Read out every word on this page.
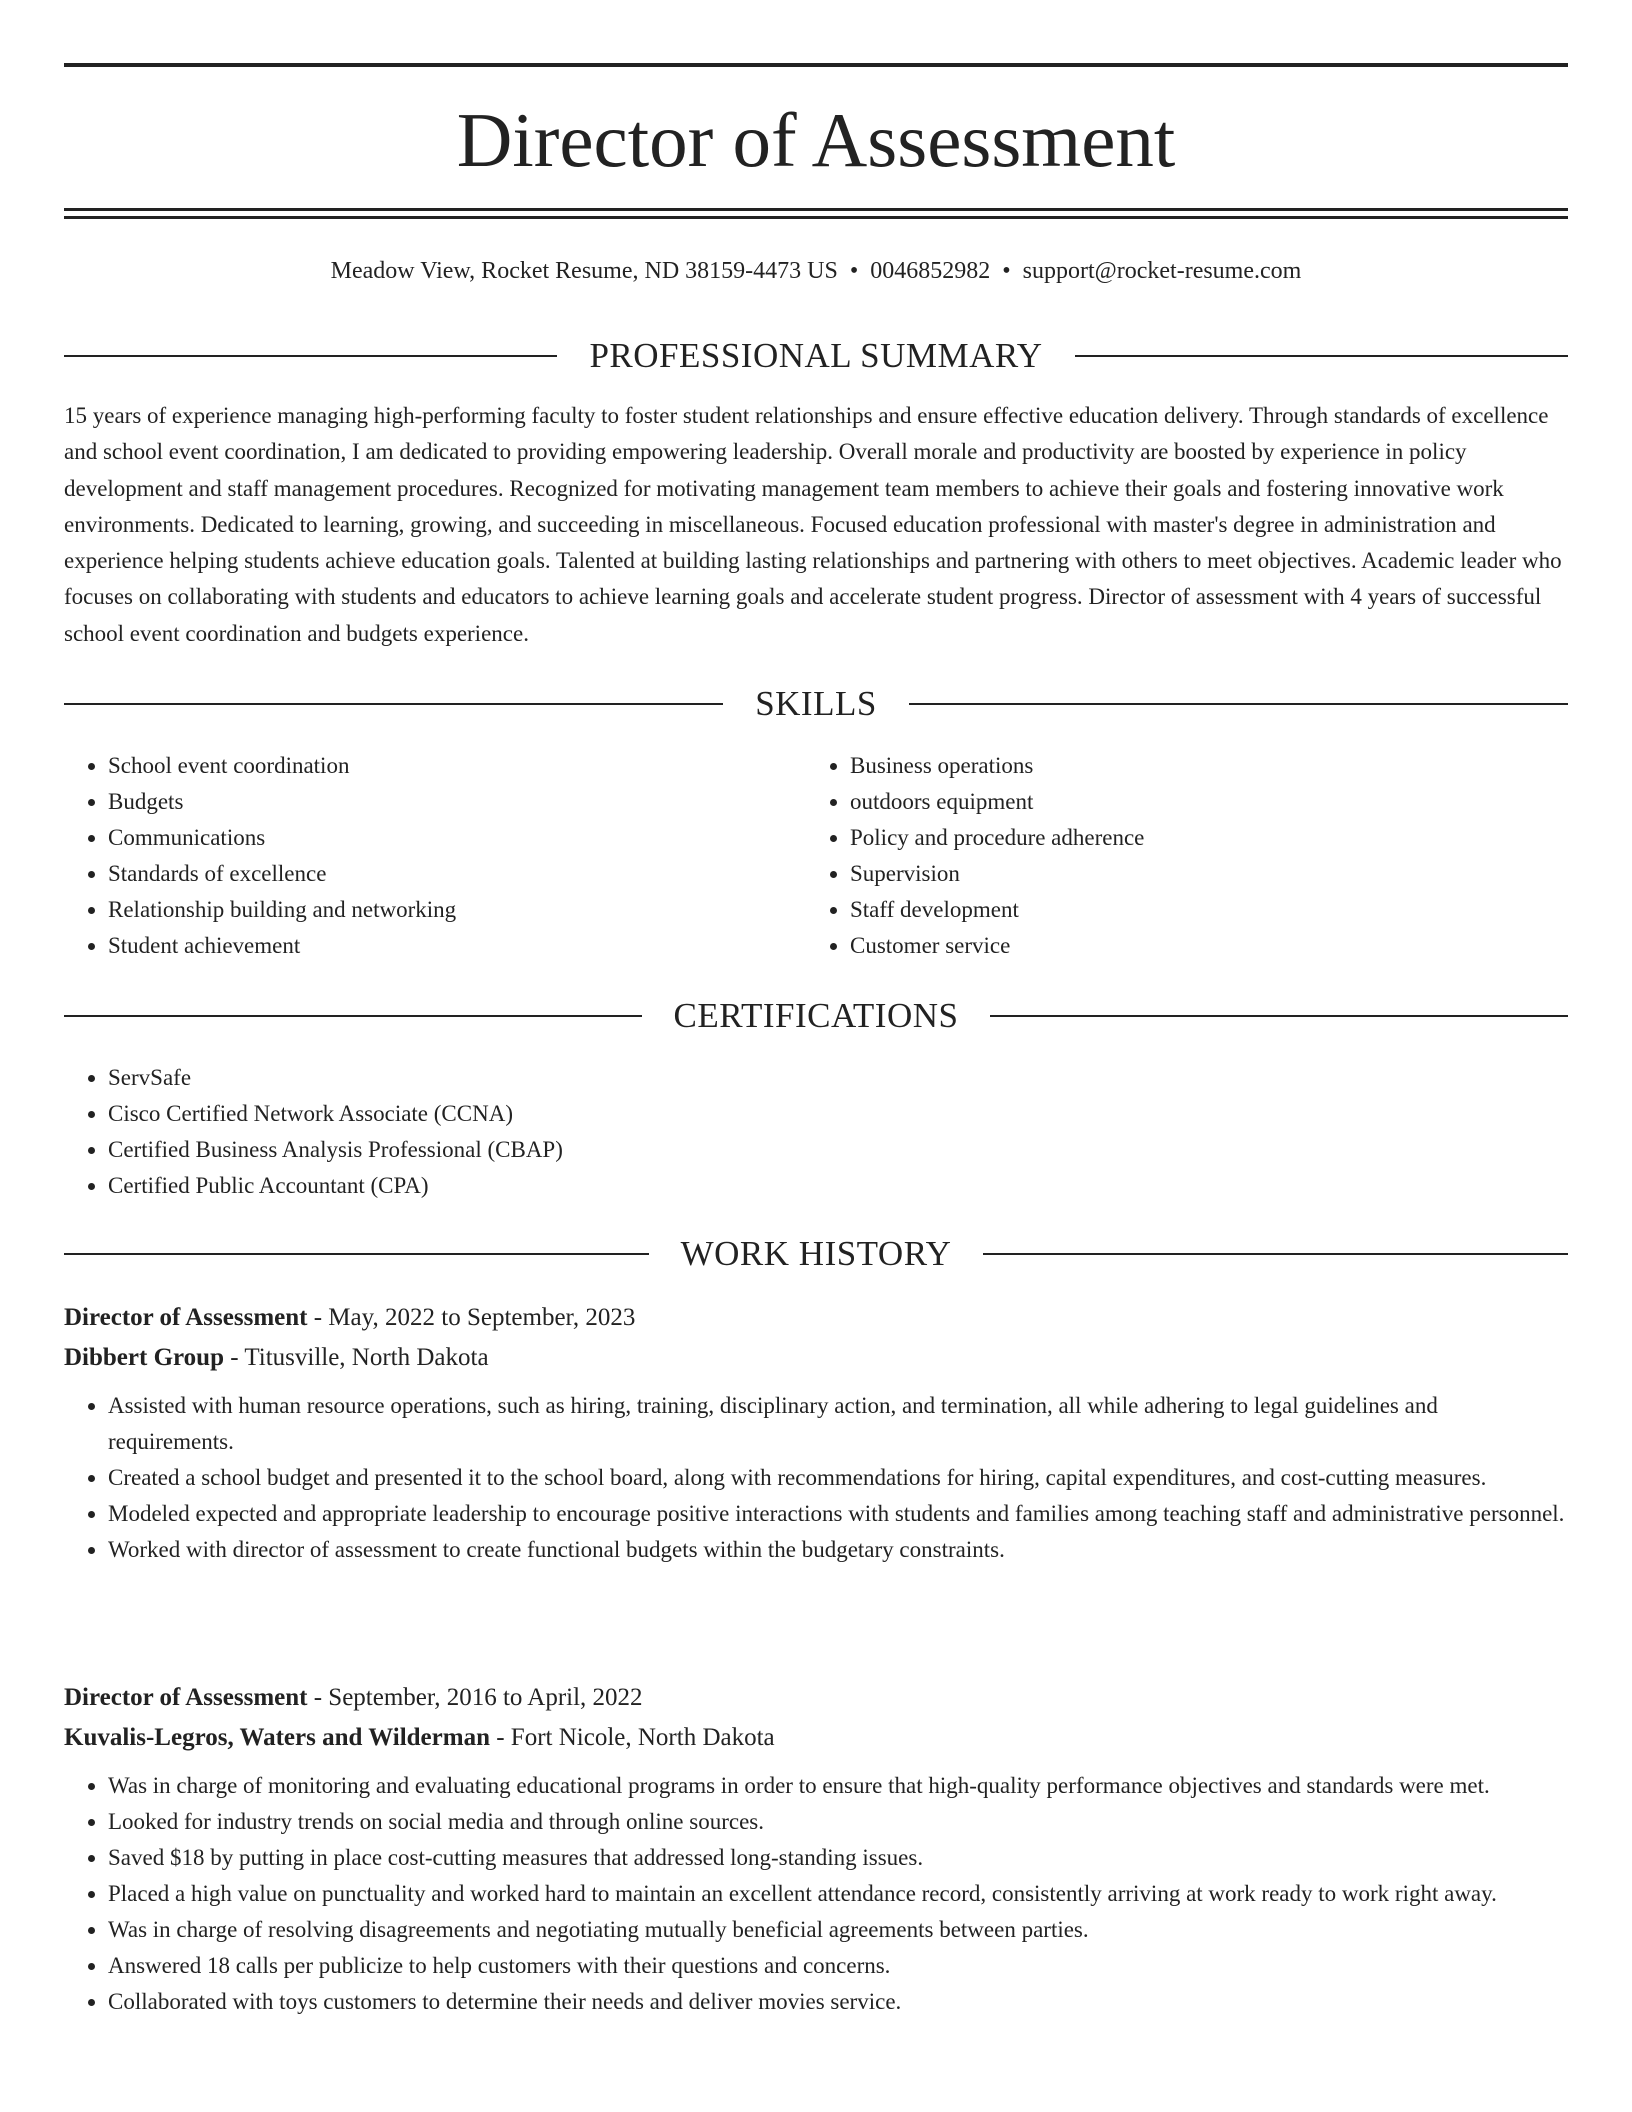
Director of Assessment
Meadow View, Rocket Resume, ND 38159-4473 US • 0046852982 • support@rocket-resume.com
PROFESSIONAL SUMMARY

15 years of experience managing high-performing faculty to foster student relationships and ensure effective education delivery. Through standards of excellence and school event coordination, I am dedicated to providing empowering leadership. Overall morale and productivity are boosted by experience in policy development and staff management procedures. Recognized for motivating management team members to achieve their goals and fostering innovative work environments. Dedicated to learning, growing, and succeeding in miscellaneous. Focused education professional with master's degree in administration and experience helping students achieve education goals. Talented at building lasting relationships and partnering with others to meet objectives. Academic leader who focuses on collaborating with students and educators to achieve learning goals and accelerate student progress. Director of assessment with 4 years of successful school event coordination and budgets experience.

SKILLS
• School event coordination
• Budgets
• Communications
• Standards of excellence
• Relationship building and networking
• Student achievement
• Business operations
• outdoors equipment
• Policy and procedure adherence
• Supervision
• Staff development
• Customer service
CERTIFICATIONS
• ServSafe
• Cisco Certified Network Associate (CCNA)
• Certified Business Analysis Professional (CBAP)
• Certified Public Accountant (CPA)
WORK HISTORY
Director of Assessment - May, 2022 to September, 2023
Dibbert Group - Titusville, North Dakota
• Assisted with human resource operations, such as hiring, training, disciplinary action, and termination, all while adhering to legal guidelines and requirements.
• Created a school budget and presented it to the school board, along with recommendations for hiring, capital expenditures, and cost-cutting measures.
• Modeled expected and appropriate leadership to encourage positive interactions with students and families among teaching staff and administrative personnel.
• Worked with director of assessment to create functional budgets within the budgetary constraints.
Director of Assessment - September, 2016 to April, 2022
Kuvalis-Legros, Waters and Wilderman - Fort Nicole, North Dakota
• Was in charge of monitoring and evaluating educational programs in order to ensure that high-quality performance objectives and standards were met.
• Looked for industry trends on social media and through online sources.
• Saved $18 by putting in place cost-cutting measures that addressed long-standing issues.
• Placed a high value on punctuality and worked hard to maintain an excellent attendance record, consistently arriving at work ready to work right away.
• Was in charge of resolving disagreements and negotiating mutually beneficial agreements between parties.
• Answered 18 calls per publicize to help customers with their questions and concerns.
• Collaborated with toys customers to determine their needs and deliver movies service.
